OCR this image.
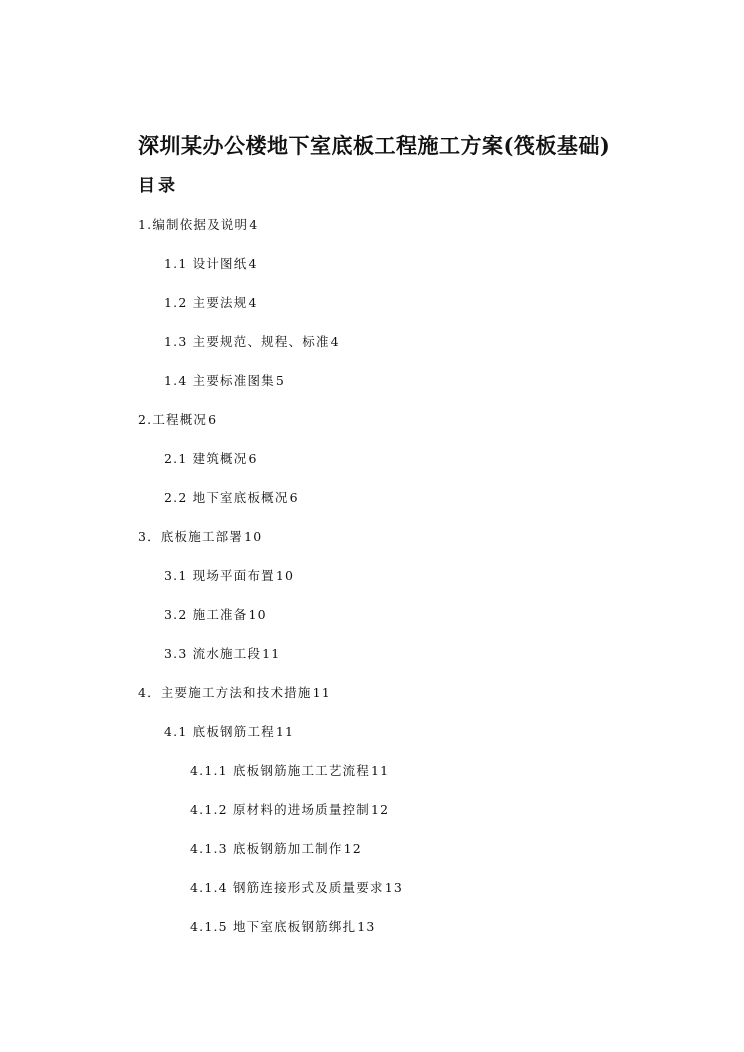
深圳某办公楼地下室底板工程施工方案(筏板基础)
目录
1.编制依据及说明4
1.1 设计图纸4
1.2 主要法规4
1.3 主要规范、规程、标准4
1.4 主要标准图集5
2.工程概况6
2.1 建筑概况6
2.2 地下室底板概况6
3．底板施工部署10
3.1 现场平面布置10
3.2 施工准备10
3.3 流水施工段11
4．主要施工方法和技术措施11
4.1 底板钢筋工程11
4.1.1 底板钢筋施工工艺流程11
4.1.2 原材料的进场质量控制12
4.1.3 底板钢筋加工制作12
4.1.4 钢筋连接形式及质量要求13
4.1.5 地下室底板钢筋绑扎13
